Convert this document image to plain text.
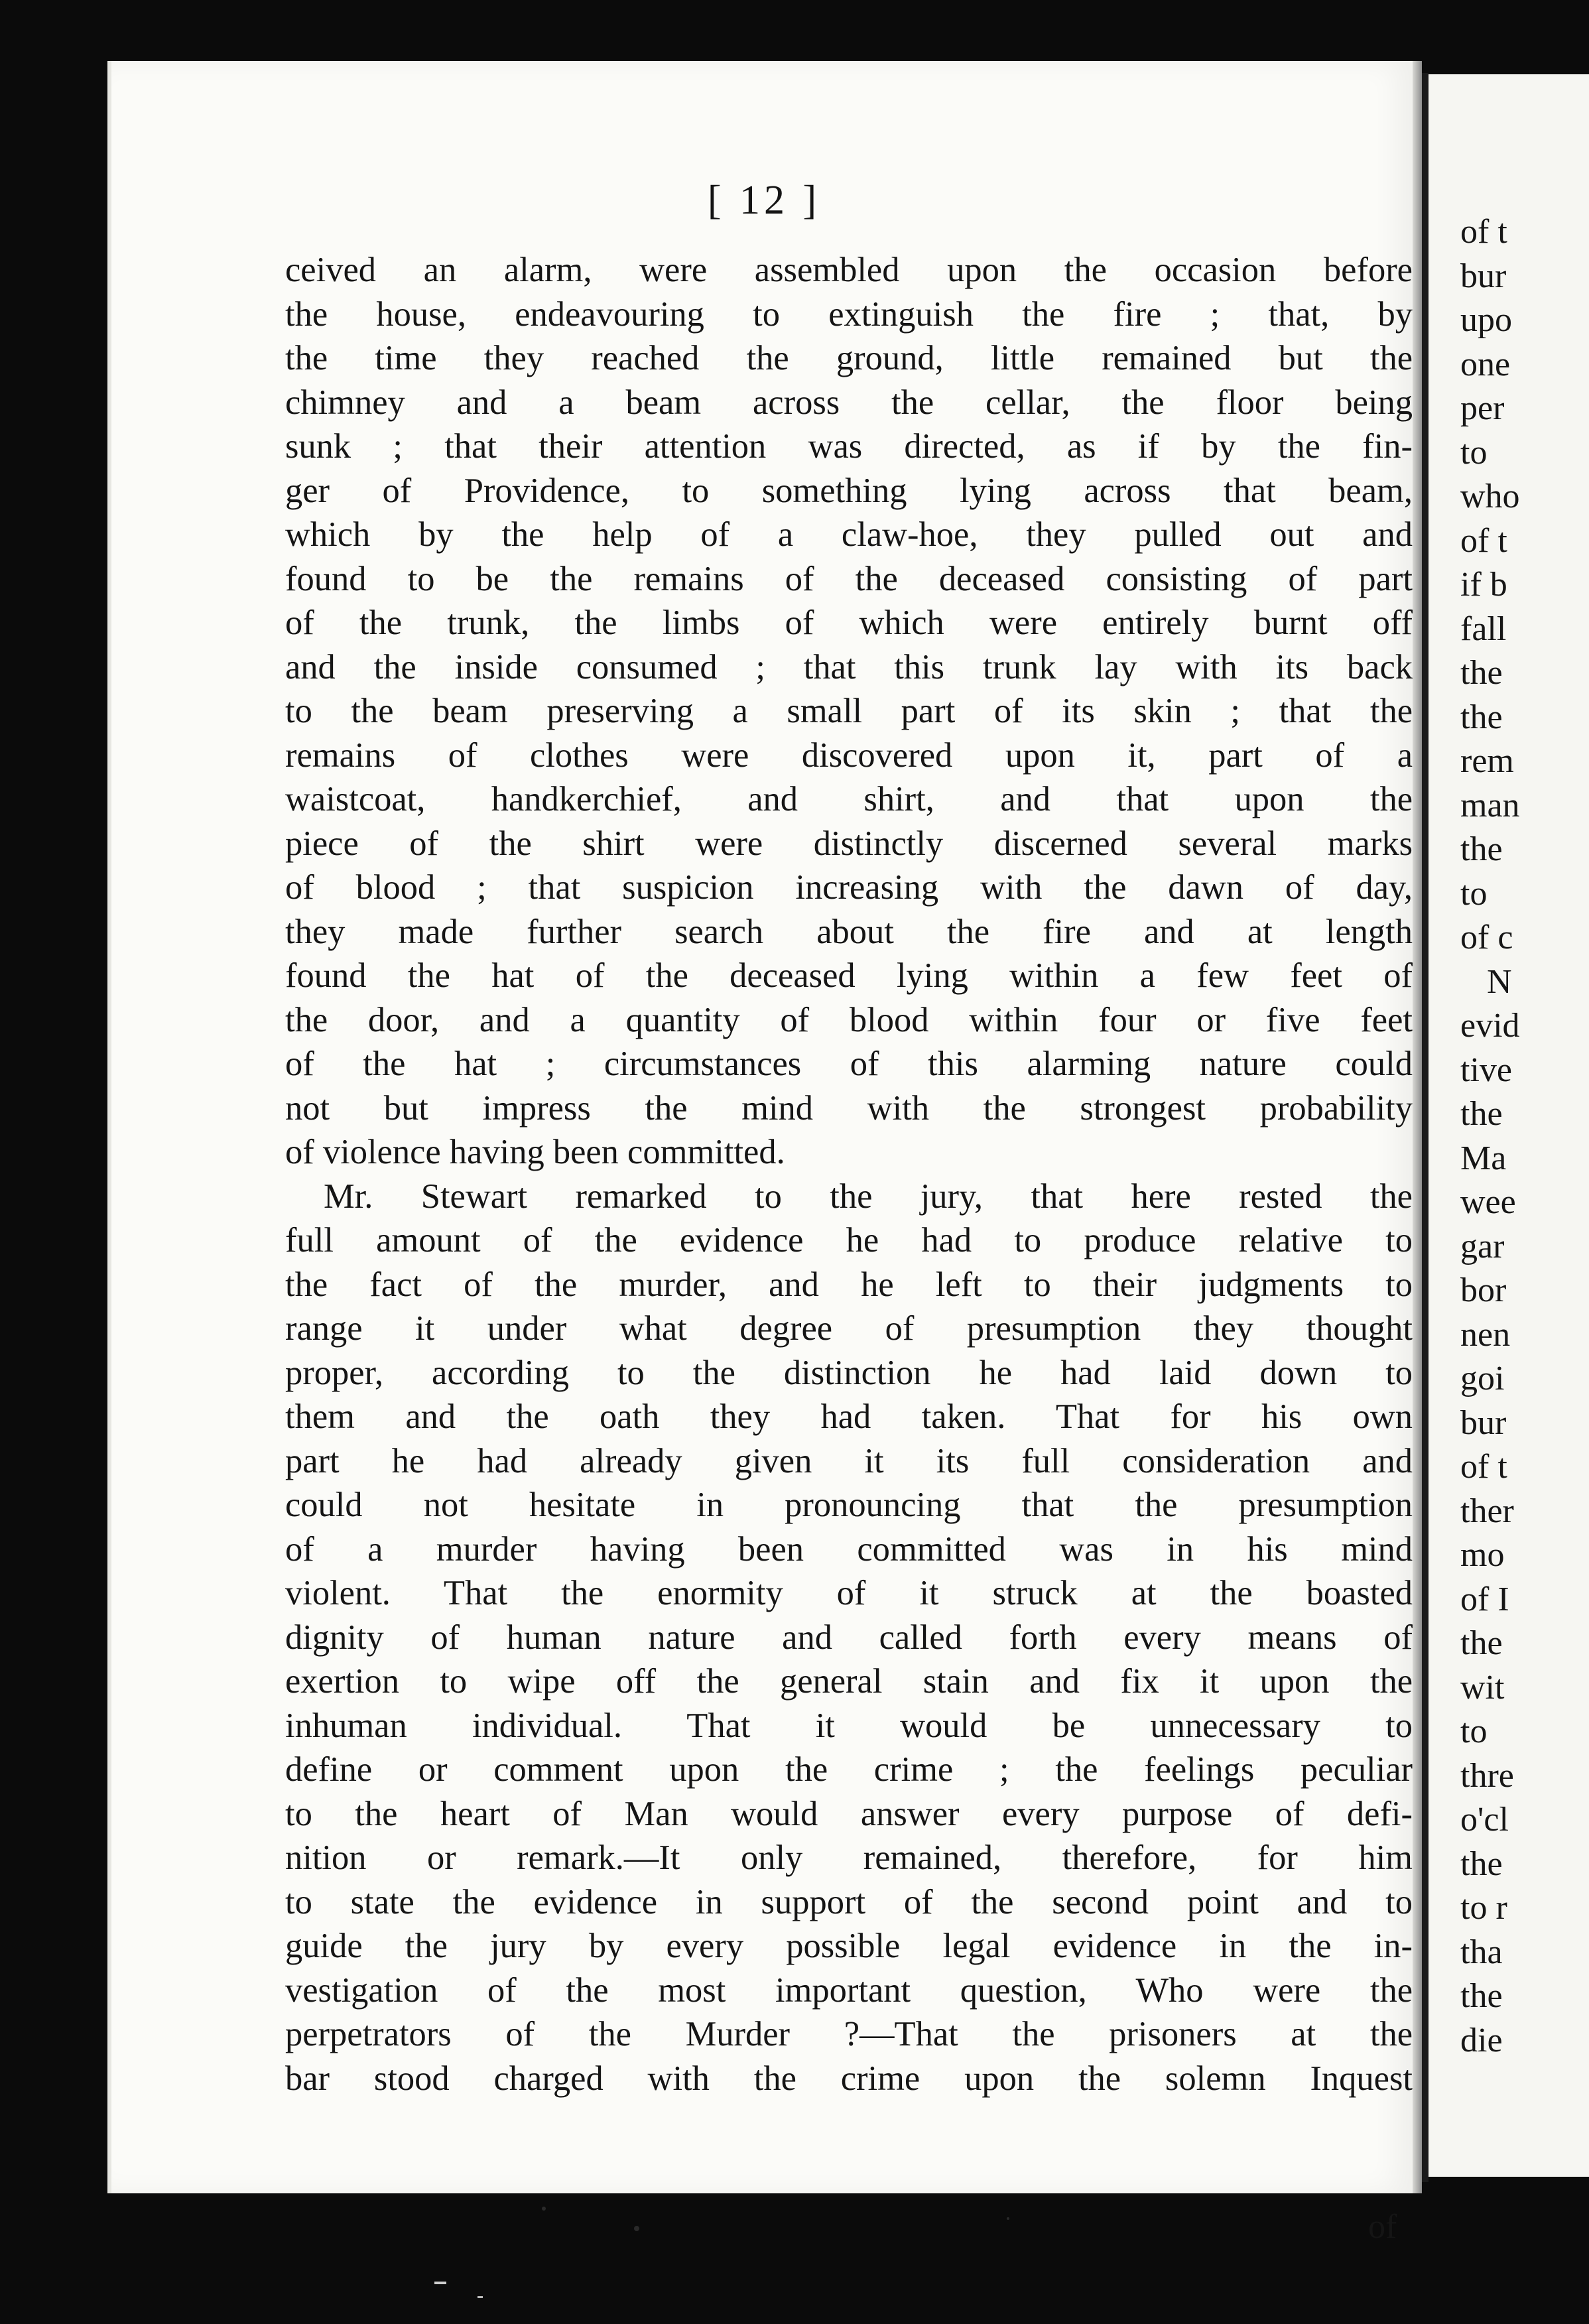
[ 12 ]
ceived an alarm, were assembled upon the occasion before
the house, endeavouring to extinguish the fire ; that, by
the time they reached the ground, little remained but the
chimney and a beam across the cellar, the floor being
sunk ; that their attention was directed, as if by the fin-
ger of Providence, to something lying across that beam,
which by the help of a claw-hoe, they pulled out and
found to be the remains of the deceased consisting of part
of the trunk, the limbs of which were entirely burnt off
and the inside consumed ; that this trunk lay with its back
to the beam preserving a small part of its skin ; that the
remains of clothes were discovered upon it, part of a
waistcoat, handkerchief, and shirt, and that upon the
piece of the shirt were distinctly discerned several marks
of blood ; that suspicion increasing with the dawn of day,
they made further search about the fire and at length
found the hat of the deceased lying within a few feet of
the door, and a quantity of blood within four or five feet
of the hat ; circumstances of this alarming nature could
not but impress the mind with the strongest probability
of violence having been committed.
Mr. Stewart remarked to the jury, that here rested the
full amount of the evidence he had to produce relative to
the fact of the murder, and he left to their judgments to
range it under what degree of presumption they thought
proper, according to the distinction he had laid down to
them and the oath they had taken. That for his own
part he had already given it its full consideration and
could not hesitate in pronouncing that the presumption
of a murder having been committed was in his mind
violent. That the enormity of it struck at the boasted
dignity of human nature and called forth every means of
exertion to wipe off the general stain and fix it upon the
inhuman individual. That it would be unnecessary to
define or comment upon the crime ; the feelings peculiar
to the heart of Man would answer every purpose of defi-
nition or remark.—It only remained, therefore, for him
to state the evidence in support of the second point and to
guide the jury by every possible legal evidence in the in-
vestigation of the most important question, Who were the
perpetrators of the Murder ?—That the prisoners at the
bar stood charged with the crime upon the solemn Inquest
of
of t
bur
upo
one
per
to
who
of t
if b
fall
the
the
rem
man
the
to
of c
N
evid
tive
the
Ma
wee
gar
bor
nen
goi
bur
of t
ther
mo
of I
the
wit
to
thre
o'cl
the
to r
tha
the
die
